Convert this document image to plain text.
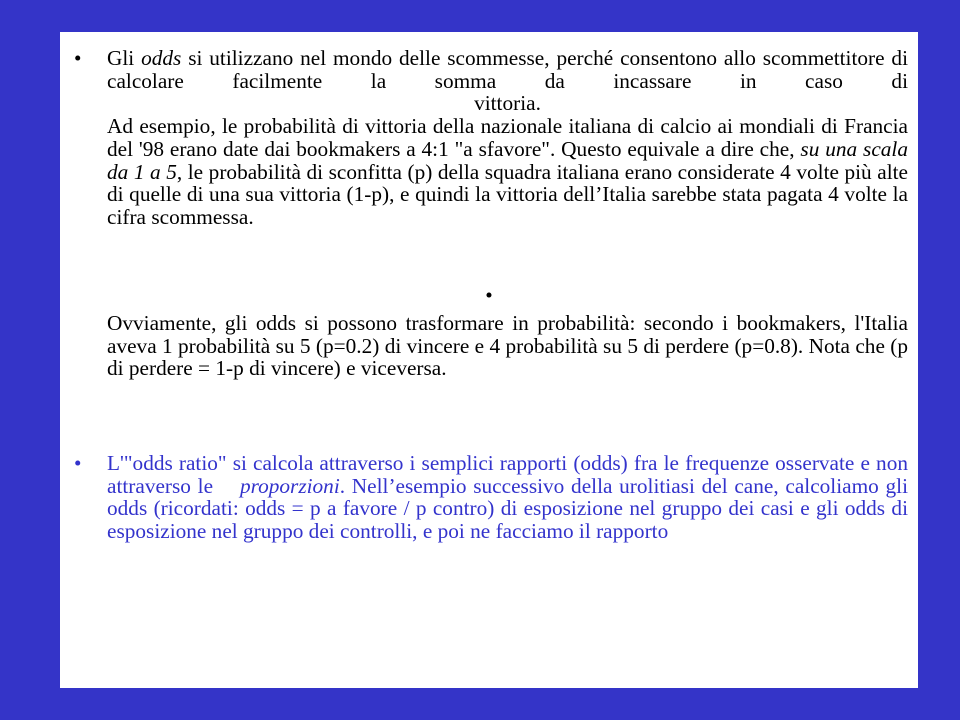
• Gli odds si utilizzano nel mondo delle scommesse, perché consentono allo scommettitore di calcolare facilmente la somma da incassare in caso di
vittoria.
Ad esempio, le probabilità di vittoria della nazionale italiana di calcio ai mondiali di Francia del '98 erano date dai bookmakers a 4:1 "a sfavore". Questo equivale a dire che, su una scala da 1 a 5, le probabilità di sconfitta (p) della squadra italiana erano considerate 4 volte più alte di quelle di una sua vittoria (1-p), e quindi la vittoria dell’Italia sarebbe stata pagata 4 volte la cifra scommessa.
•
Ovviamente, gli odds si possono trasformare in probabilità: secondo i bookmakers, l'Italia aveva 1 probabilità su 5 (p=0.2) di vincere e 4 probabilità su 5 di perdere (p=0.8). Nota che (p di perdere = 1-p di vincere) e viceversa.
• L'"odds ratio" si calcola attraverso i semplici rapporti (odds) fra le frequenze osservate e non attraverso le    proporzioni. Nell’esempio successivo della urolitiasi del cane, calcoliamo gli odds (ricordati: odds = p a favore / p contro) di esposizione nel gruppo dei casi e gli odds di esposizione nel gruppo dei controlli, e poi ne facciamo il rapporto
